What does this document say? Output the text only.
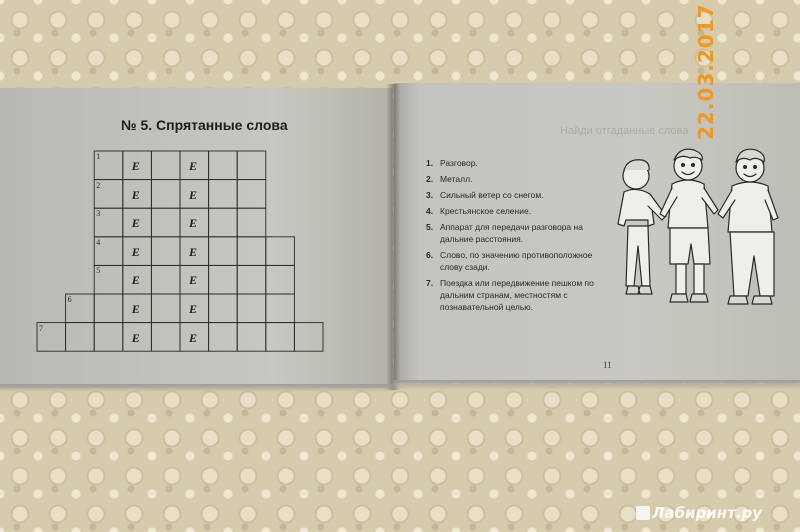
№ 5. Спрятанные слова	Найди отгаданные слова
1
Е	Е
2
Е	Е
3
Е	Е
4
Е	Е
5
Е	Е
6
Е	Е
7
Е	Е
1. Разговор.
2. Металл.
3. Сильный ветер со снегом.
4. Крестьянское селение.
5. Аппарат для передачи разговора на дальние расстояния.
6. Слово, по значению противоположное слову сзади.
7. Поездка или передвижение пешком по дальним странам, местностям с познавательной целью.
11
22.03.2017
Лабиринт.ру
